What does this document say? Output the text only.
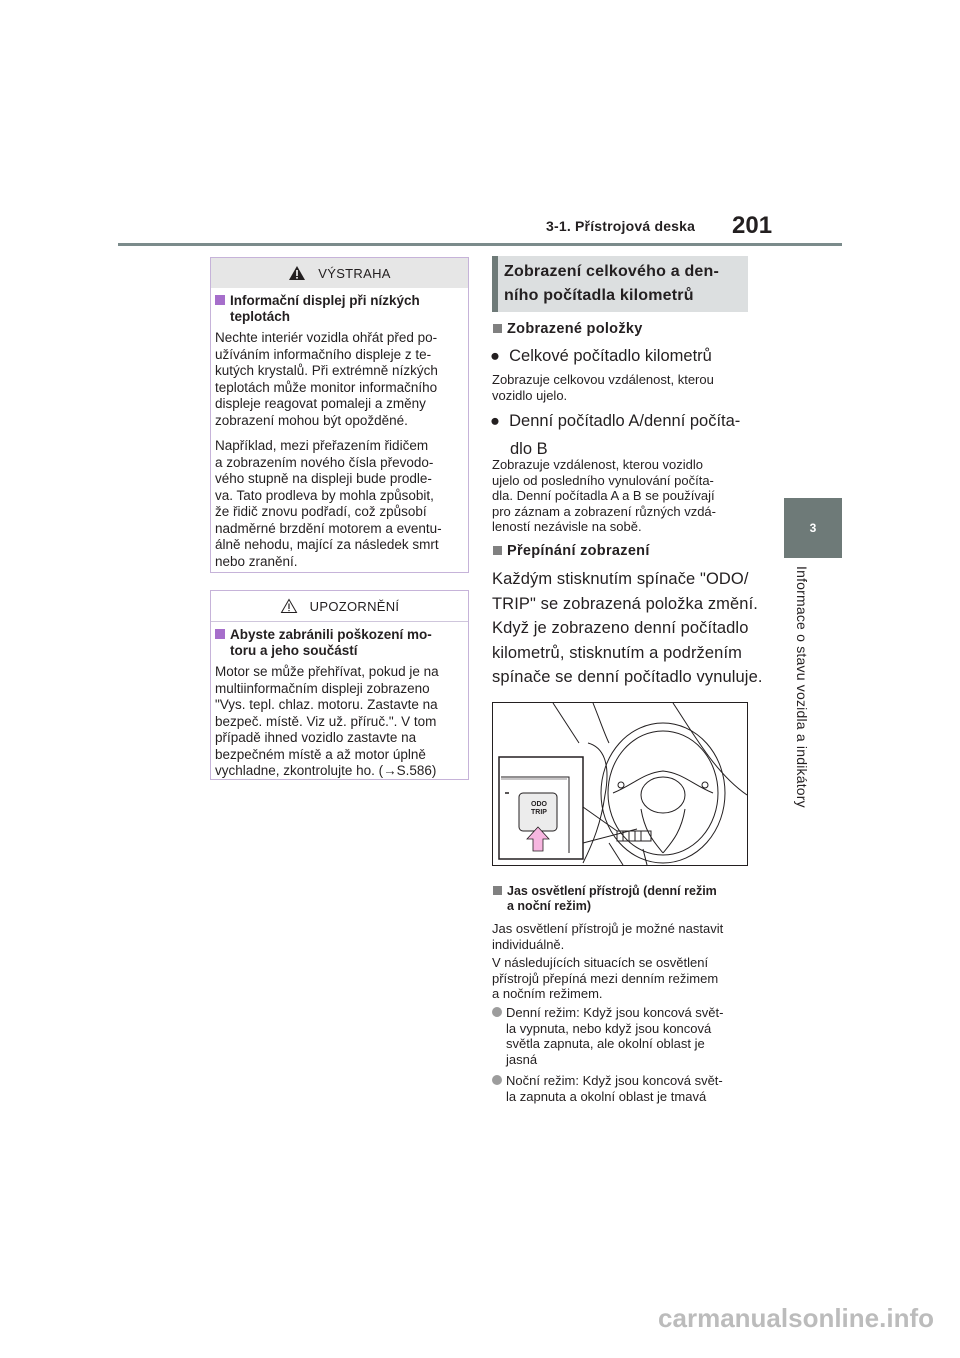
3-1. Přístrojová deska 201
3
Informace o stavu vozidla a indikátory
VÝSTRAHA
Informační displej při nízkých
teplotách
Nechte interiér vozidla ohřát před po-
užíváním informačního displeje z te-
kutých krystalů. Při extrémně nízkých
teplotách může monitor informačního
displeje reagovat pomaleji a změny
zobrazení mohou být opožděné.
Například, mezi přeřazením řidičem
a zobrazením nového čísla převodo-
vého stupně na displeji bude prodle-
va. Tato prodleva by mohla způsobit,
že řidič znovu podřadí, což způsobí
nadměrné brzdění motorem a eventu-
álně nehodu, mající za následek smrt
nebo zranění.
UPOZORNĚNÍ
Abyste zabránili poškození mo-
toru a jeho součástí
Motor se může přehřívat, pokud je na
multiinformačním displeji zobrazeno
"Vys. tepl. chlaz. motoru. Zastavte na
bezpeč. místě. Viz už. příruč.". V tom
případě ihned vozidlo zastavte na
bezpečném místě a až motor úplně
vychladne, zkontrolujte ho. (→S.586)
Zobrazení celkového a den-
ního počítadla kilometrů
Zobrazené položky
● Celkové počítadlo kilometrů
Zobrazuje celkovou vzdálenost, kterou
vozidlo ujelo.
● Denní počítadlo A/denní počíta-
dlo B
Zobrazuje vzdálenost, kterou vozidlo
ujelo od posledního vynulování počíta-
dla. Denní počítadla A a B se používají
pro záznam a zobrazení různých vzdá-
leností nezávisle na sobě.
Přepínání zobrazení
Každým stisknutím spínače "ODO/
TRIP" se zobrazená položka změní.
Když je zobrazeno denní počítadlo
kilometrů, stisknutím a podržením
spínače se denní počítadlo vynuluje.
ODO
TRIP
Jas osvětlení přístrojů (denní režim
a noční režim)
Jas osvětlení přístrojů je možné nastavit
individuálně.
V následujících situacích se osvětlení
přístrojů přepíná mezi denním režimem
a nočním režimem.
Denní režim: Když jsou koncová svět-
la vypnuta, nebo když jsou koncová
světla zapnuta, ale okolní oblast je
jasná
Noční režim: Když jsou koncová svět-
la zapnuta a okolní oblast je tmavá
carmanualsonline.info
